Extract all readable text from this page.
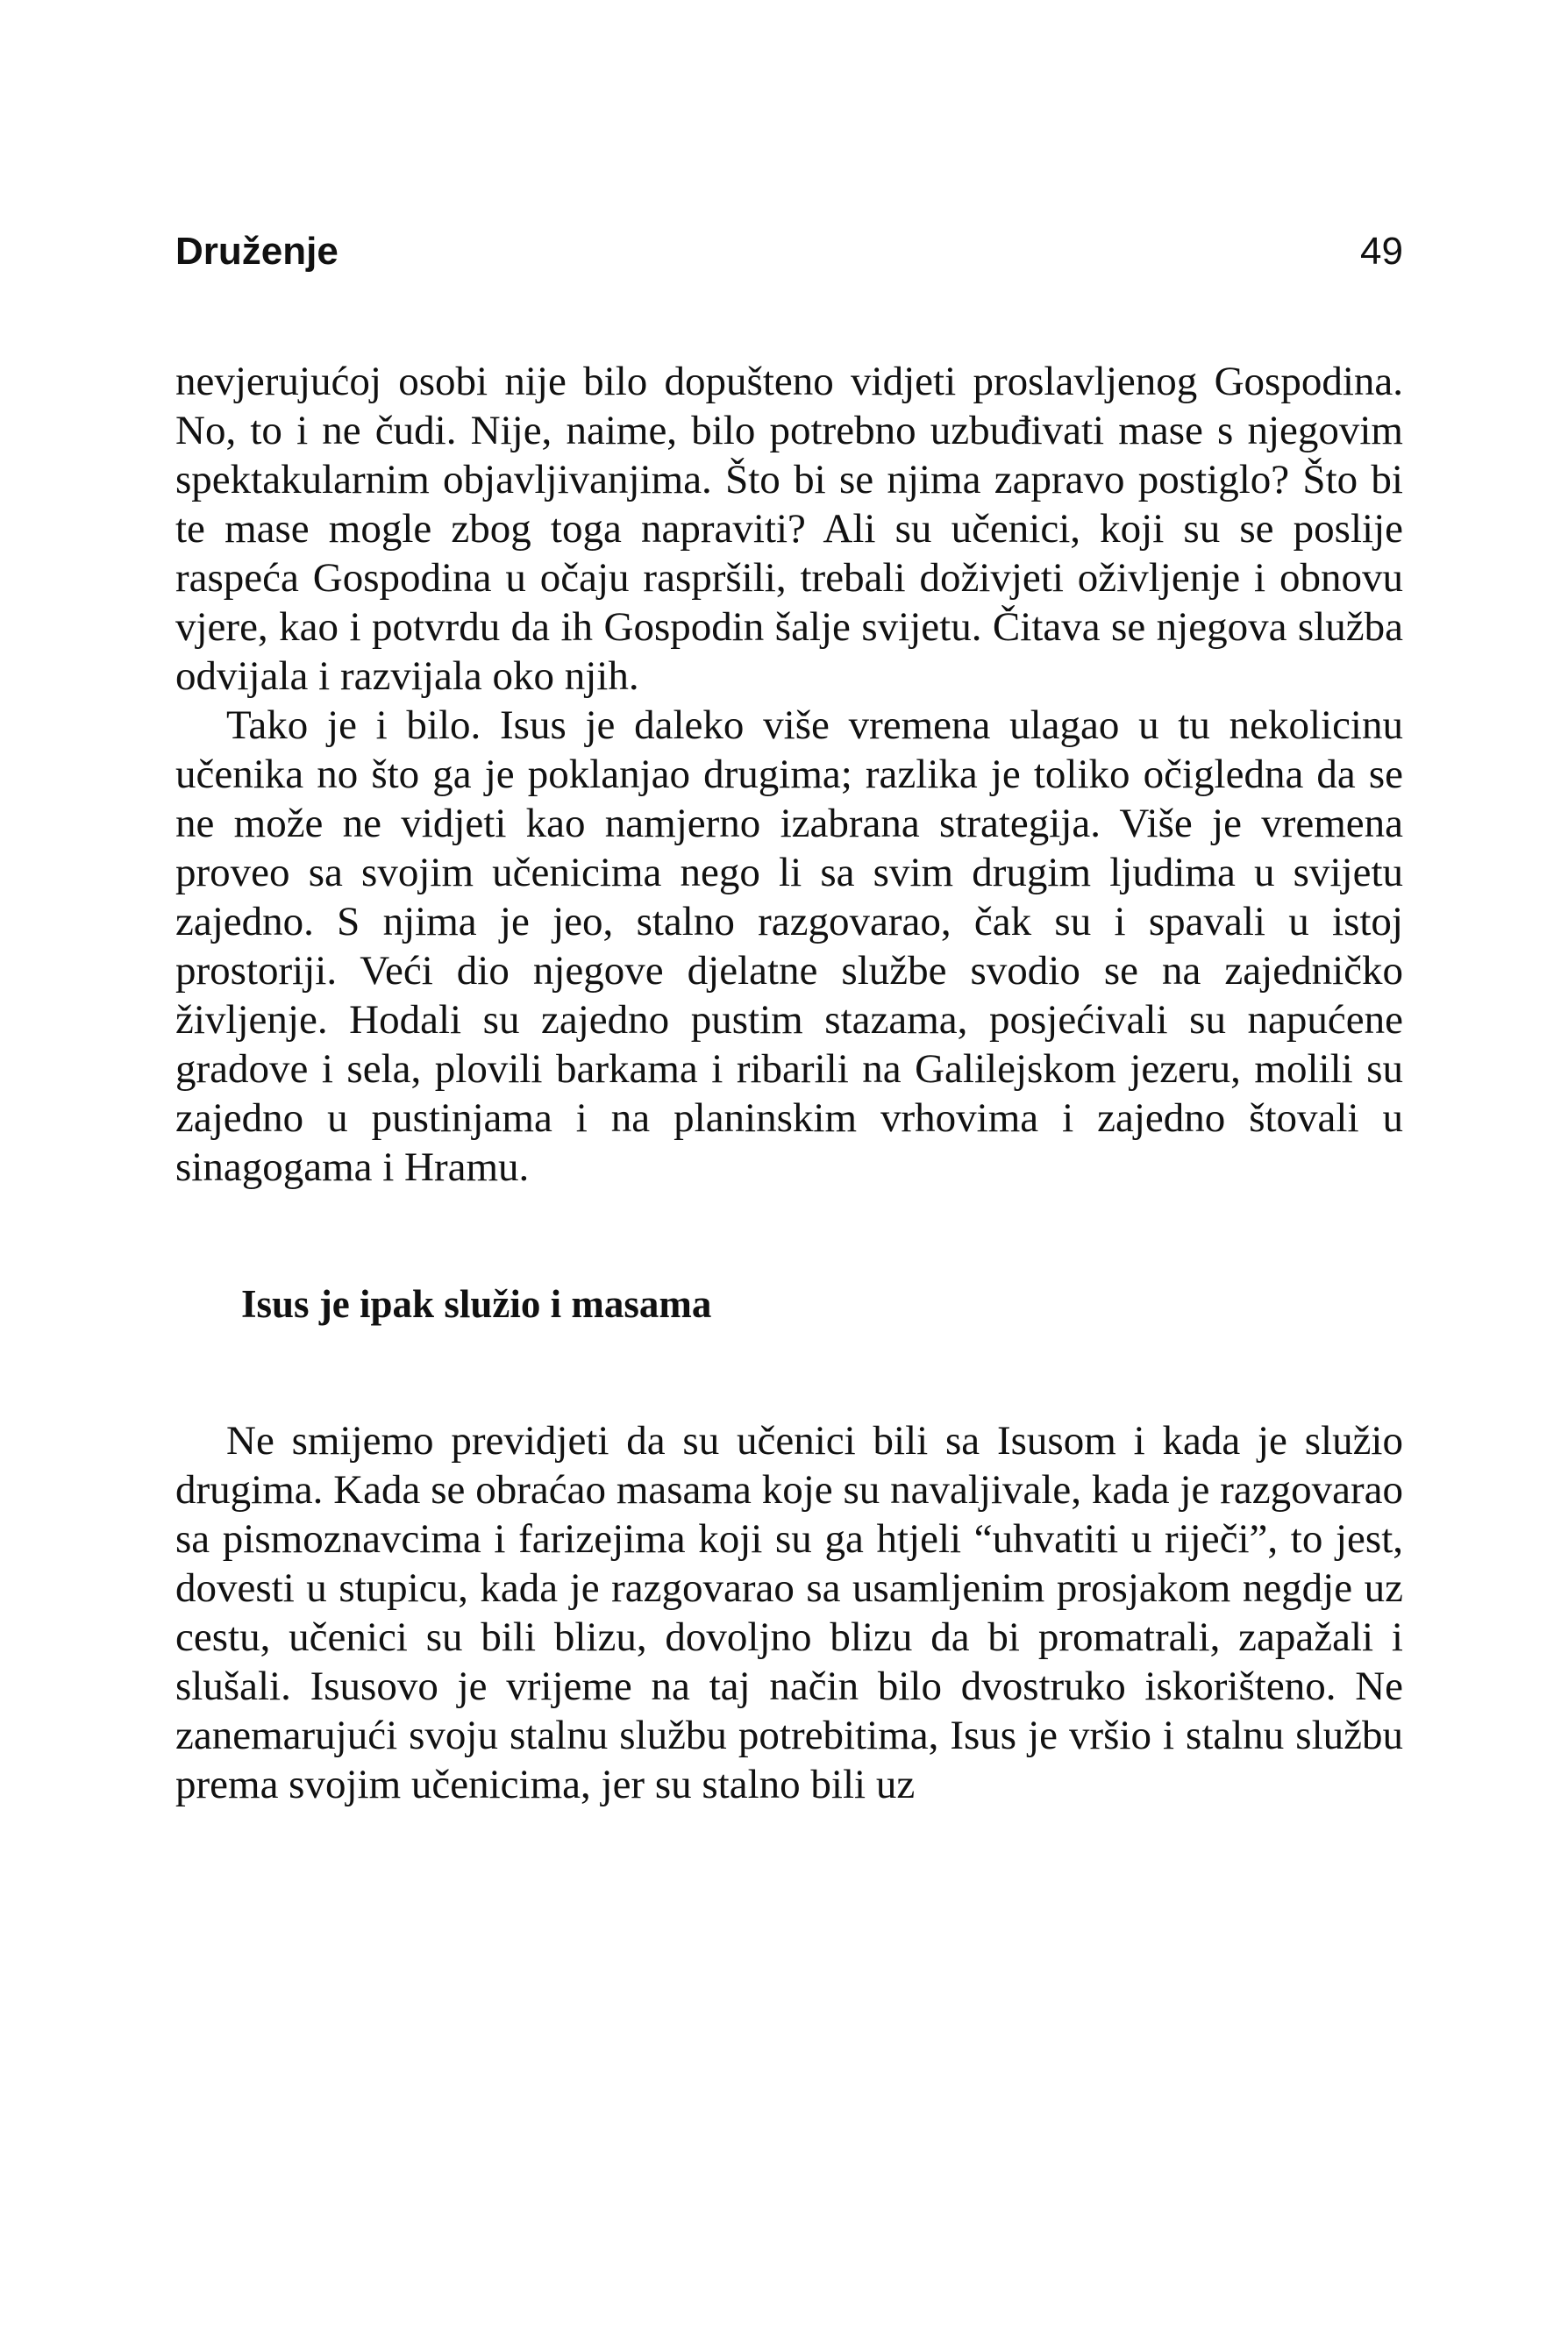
Druženje	49

nevjerujućoj osobi nije bilo dopušteno vidjeti proslavljenog Gospodina. No, to i ne čudi. Nije, naime, bilo potrebno uzbuđivati mase s njegovim spektakularnim objavljivanjima. Što bi se njima zapravo postiglo? Što bi te mase mogle zbog toga napraviti? Ali su učenici, koji su se poslije raspeća Gospodina u očaju raspršili, trebali doživjeti oživljenje i obnovu vjere, kao i potvrdu da ih Gospodin šalje svijetu. Čitava se njegova služba odvijala i razvijala oko njih.

Tako je i bilo. Isus je daleko više vremena ulagao u tu nekolicinu učenika no što ga je poklanjao drugima; razlika je toliko očigledna da se ne može ne vidjeti kao namjerno izabrana strategija. Više je vremena proveo sa svojim učenicima nego li sa svim drugim ljudima u svijetu zajedno. S njima je jeo, stalno razgovarao, čak su i spavali u istoj prostoriji. Veći dio njegove djelatne službe svodio se na zajedničko življenje. Hodali su zajedno pustim stazama, posjećivali su napućene gradove i sela, plovili barkama i ribarili na Galilejskom jezeru, molili su zajedno u pustinjama i na planinskim vrhovima i zajedno štovali u sinagogama i Hramu.

Isus je ipak služio i masama

Ne smijemo previdjeti da su učenici bili sa Isusom i kada je služio drugima. Kada se obraćao masama koje su navaljivale, kada je razgovarao sa pismoznavcima i farizejima koji su ga htjeli “uhvatiti u riječi”, to jest, dovesti u stupicu, kada je razgovarao sa usamljenim prosjakom negdje uz cestu, učenici su bili blizu, dovoljno blizu da bi promatrali, zapažali i slušali. Isusovo je vrijeme na taj način bilo dvostruko iskorišteno. Ne zanemarujući svoju stalnu službu potrebitima, Isus je vršio i stalnu službu prema svojim učenicima, jer su stalno bili uz
